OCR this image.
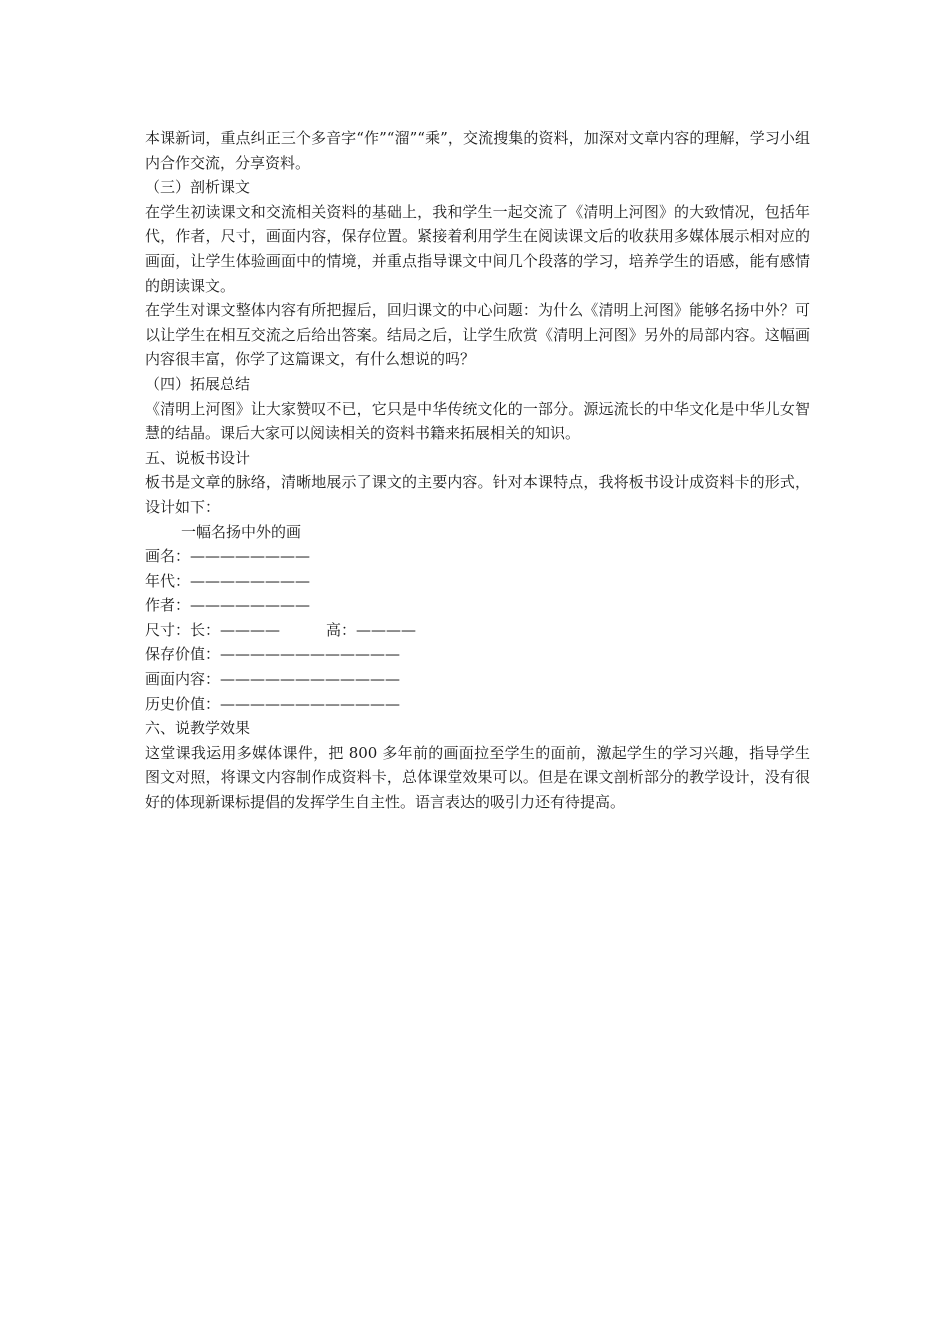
本课新词，重点纠正三个多音字“作”“溜”“乘”，交流搜集的资料，加深对文章内容的理解，学习小组内合作交流，分享资料。

（三）剖析课文

在学生初读课文和交流相关资料的基础上，我和学生一起交流了《清明上河图》的大致情况，包括年代，作者，尺寸，画面内容，保存位置。紧接着利用学生在阅读课文后的收获用多媒体展示相对应的画面，让学生体验画面中的情境，并重点指导课文中间几个段落的学习，培养学生的语感，能有感情的朗读课文。

在学生对课文整体内容有所把握后，回归课文的中心问题：为什么《清明上河图》能够名扬中外？可以让学生在相互交流之后给出答案。结局之后，让学生欣赏《清明上河图》另外的局部内容。这幅画内容很丰富，你学了这篇课文，有什么想说的吗？

（四）拓展总结

《清明上河图》让大家赞叹不已，它只是中华传统文化的一部分。源远流长的中华文化是中华儿女智慧的结晶。课后大家可以阅读相关的资料书籍来拓展相关的知识。

五、说板书设计

板书是文章的脉络，清晰地展示了课文的主要内容。针对本课特点，我将板书设计成资料卡的形式，设计如下：

一幅名扬中外的画

画名：————————

年代：————————

作者：————————

尺寸：长：————	高：————

保存价值：————————————

画面内容：————————————

历史价值：————————————

六、说教学效果

这堂课我运用多媒体课件，把 800 多年前的画面拉至学生的面前，激起学生的学习兴趣，指导学生图文对照，将课文内容制作成资料卡，总体课堂效果可以。但是在课文剖析部分的教学设计，没有很好的体现新课标提倡的发挥学生自主性。语言表达的吸引力还有待提高。
